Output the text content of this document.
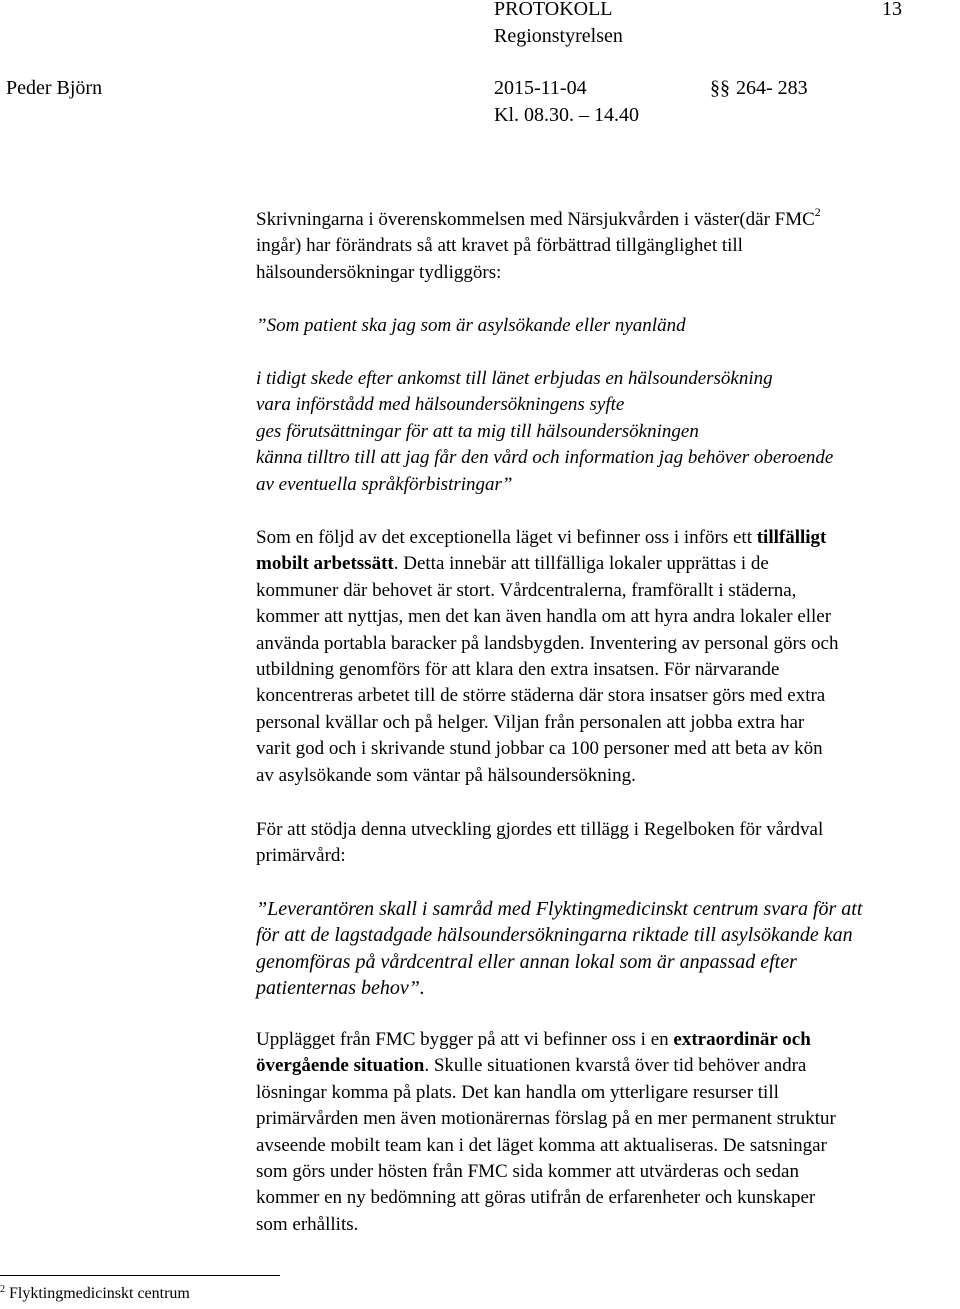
PROTOKOLL	13
Regionstyrelsen
Peder Björn	2015-11-04
Kl. 08.30. – 14.40
§§ 264- 283

Skrivningarna i överenskommelsen med Närsjukvården i väster(där FMC$^2$

ingår) har förändrats så att kravet på förbättrad tillgänglighet till

hälsoundersökningar tydliggörs:

”Som patient ska jag som är asylsökande eller nyanländ

i tidigt skede efter ankomst till länet erbjudas en hälsoundersökning

vara införstådd med hälsoundersökningens syfte

ges förutsättningar för att ta mig till hälsoundersökningen

känna tilltro till att jag får den vård och information jag behöver oberoende

av eventuella språkförbistringar”

Som en följd av det exceptionella läget vi befinner oss i införs ett tillfälligt

mobilt arbetssätt. Detta innebär att tillfälliga lokaler upprättas i de

kommuner där behovet är stort. Vårdcentralerna, framförallt i städerna,

kommer att nyttjas, men det kan även handla om att hyra andra lokaler eller

använda portabla baracker på landsbygden. Inventering av personal görs och

utbildning genomförs för att klara den extra insatsen. För närvarande

koncentreras arbetet till de större städerna där stora insatser görs med extra

personal kvällar och på helger. Viljan från personalen att jobba extra har

varit god och i skrivande stund jobbar ca 100 personer med att beta av kön

av asylsökande som väntar på hälsoundersökning.

För att stödja denna utveckling gjordes ett tillägg i Regelboken för vårdval

primärvård:

”Leverantören skall i samråd med Flyktingmedicinskt centrum svara för att

för att de lagstadgade hälsoundersökningarna riktade till asylsökande kan

genomföras på vårdcentral eller annan lokal som är anpassad efter

patienternas behov”.

Upplägget från FMC bygger på att vi befinner oss i en extraordinär och

övergående situation. Skulle situationen kvarstå över tid behöver andra

lösningar komma på plats. Det kan handla om ytterligare resurser till

primärvården men även motionärernas förslag på en mer permanent struktur

avseende mobilt team kan i det läget komma att aktualiseras. De satsningar

som görs under hösten från FMC sida kommer att utvärderas och sedan

kommer en ny bedömning att göras utifrån de erfarenheter och kunskaper

som erhållits.

$^2$ Flyktingmedicinskt centrum
